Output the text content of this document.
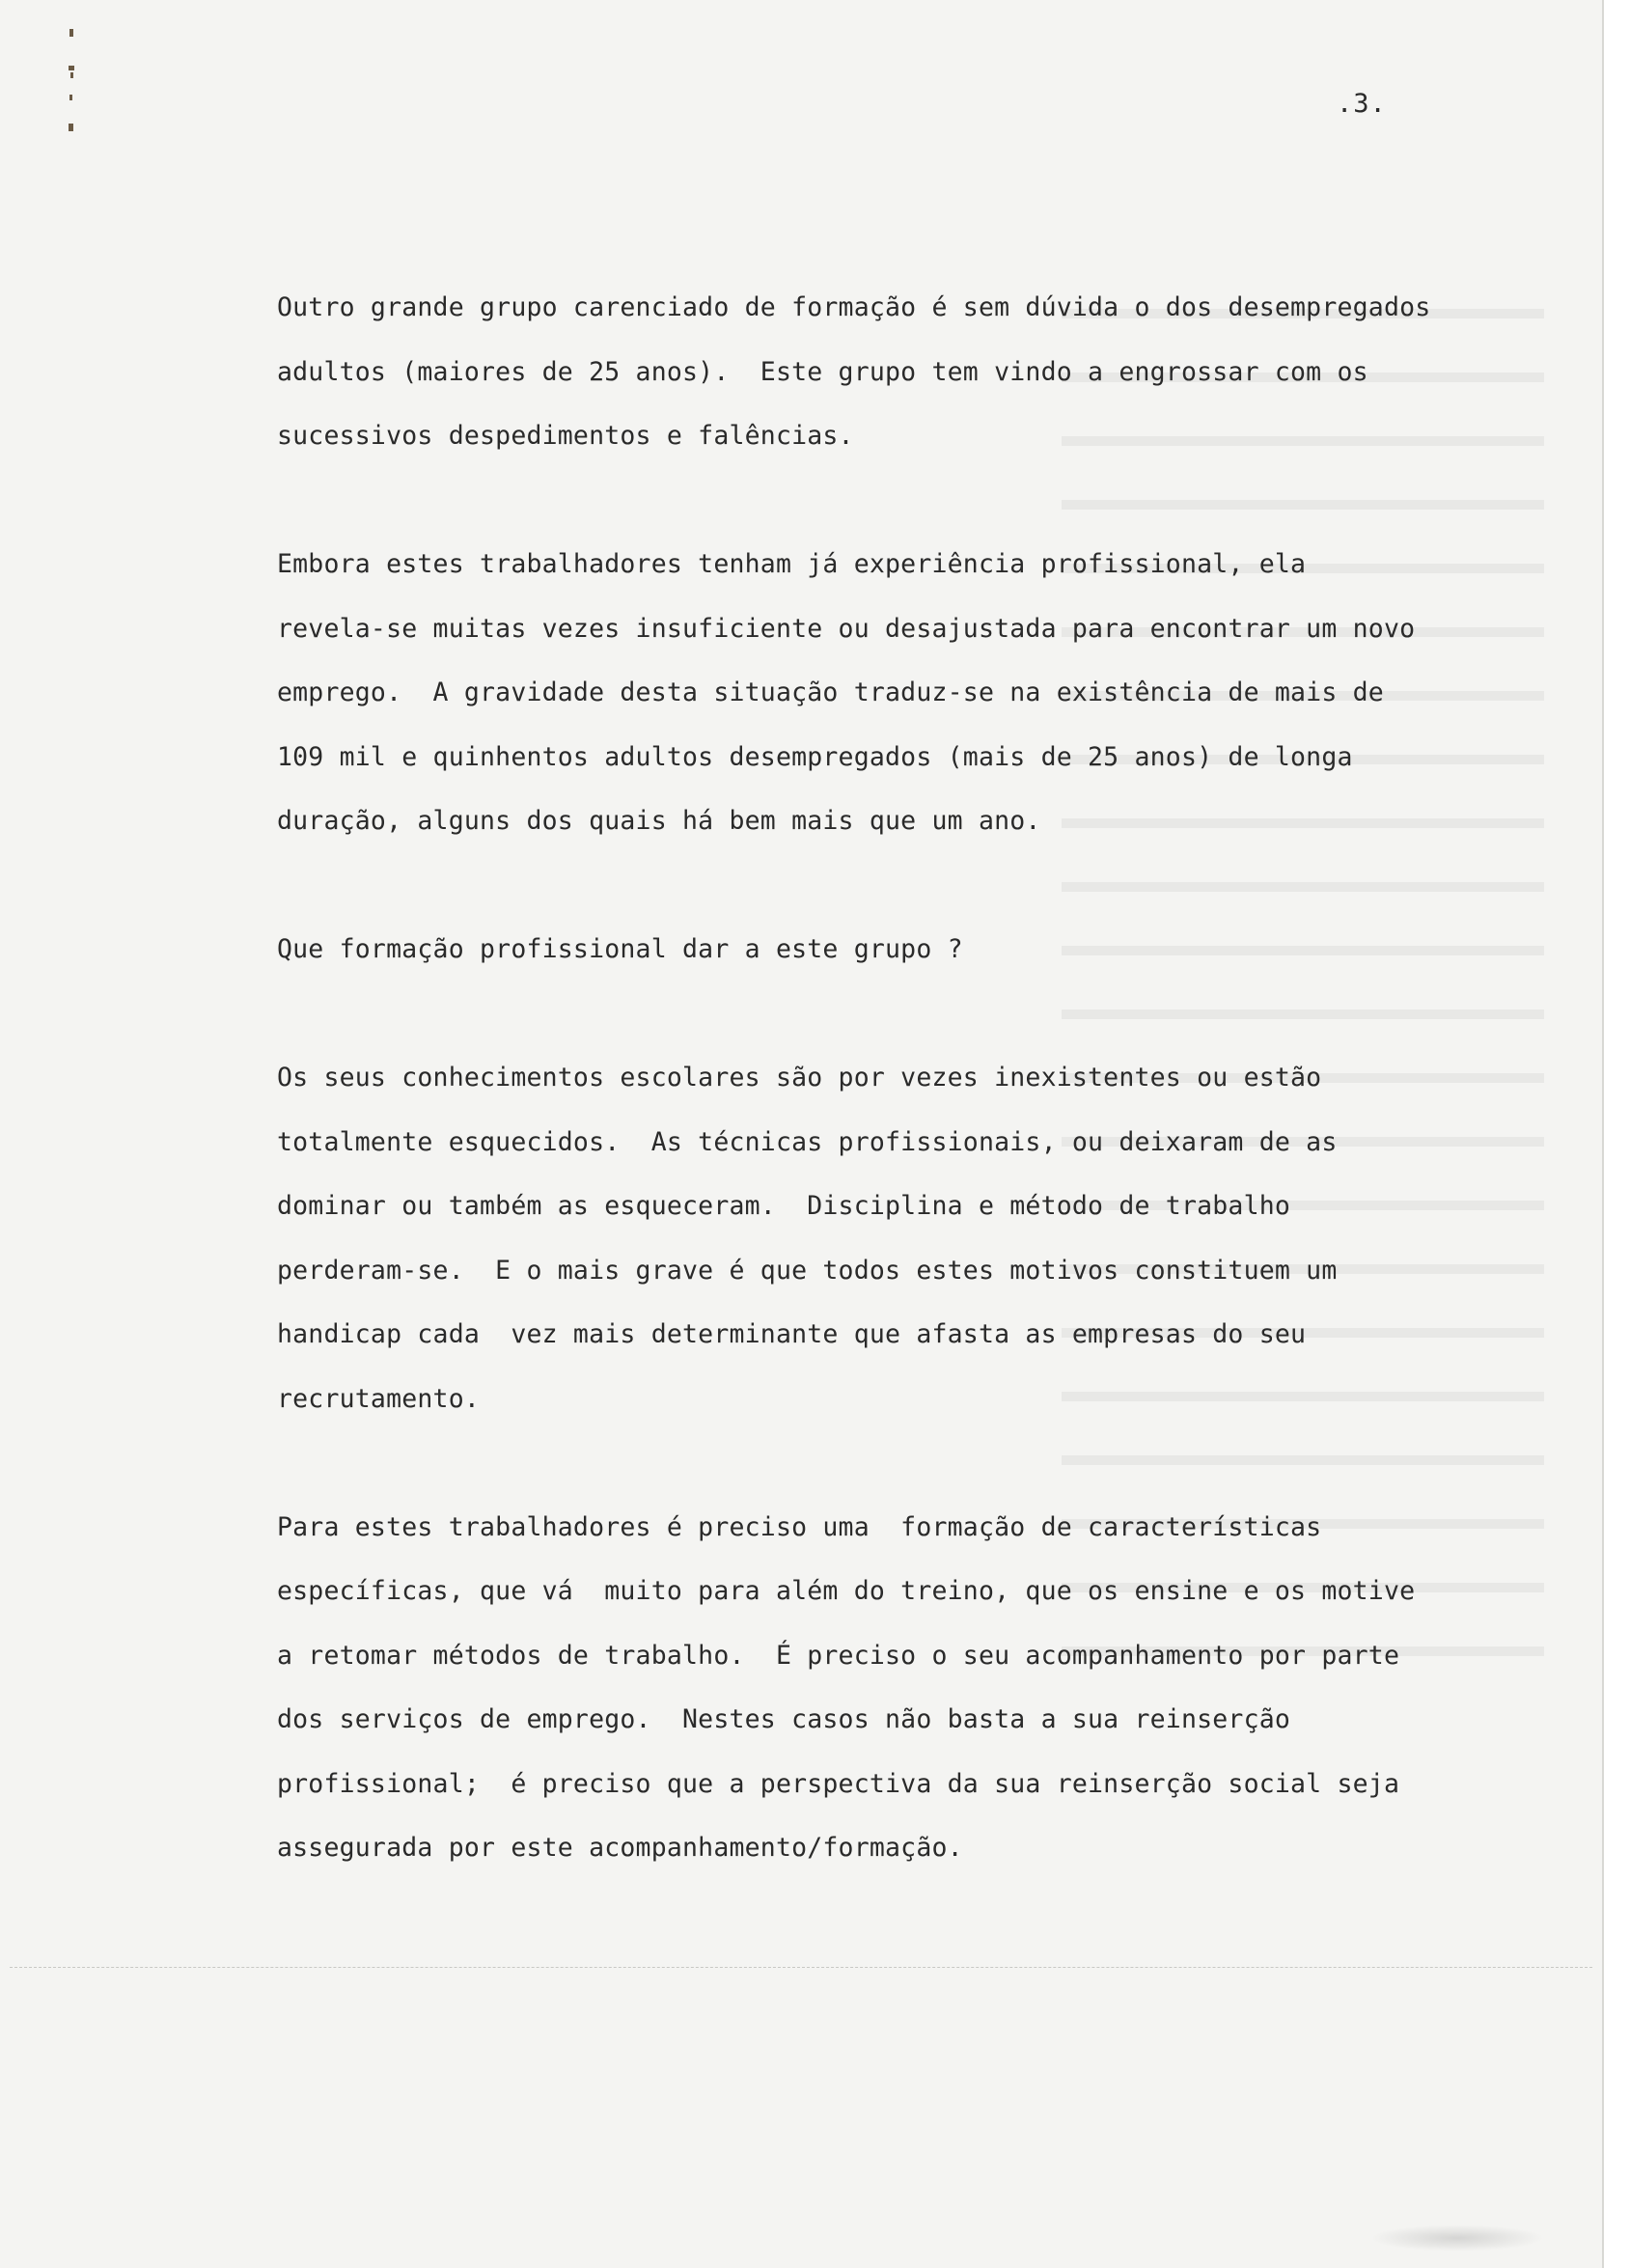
.3.

Outro grande grupo carenciado de formação é sem dúvida o dos desempregados
adultos (maiores de 25 anos).  Este grupo tem vindo a engrossar com os
sucessivos despedimentos e falências.

Embora estes trabalhadores tenham já experiência profissional, ela
revela-se muitas vezes insuficiente ou desajustada para encontrar um novo
emprego.  A gravidade desta situação traduz-se na existência de mais de
109 mil e quinhentos adultos desempregados (mais de 25 anos) de longa
duração, alguns dos quais há bem mais que um ano.

Que formação profissional dar a este grupo ?

Os seus conhecimentos escolares são por vezes inexistentes ou estão
totalmente esquecidos.  As técnicas profissionais, ou deixaram de as
dominar ou também as esqueceram.  Disciplina e método de trabalho
perderam-se.  E o mais grave é que todos estes motivos constituem um
handicap cada  vez mais determinante que afasta as empresas do seu
recrutamento.

Para estes trabalhadores é preciso uma  formação de características
específicas, que vá  muito para além do treino, que os ensine e os motive
a retomar métodos de trabalho.  É preciso o seu acompanhamento por parte
dos serviços de emprego.  Nestes casos não basta a sua reinserção
profissional;  é preciso que a perspectiva da sua reinserção social seja
assegurada por este acompanhamento/formação.
